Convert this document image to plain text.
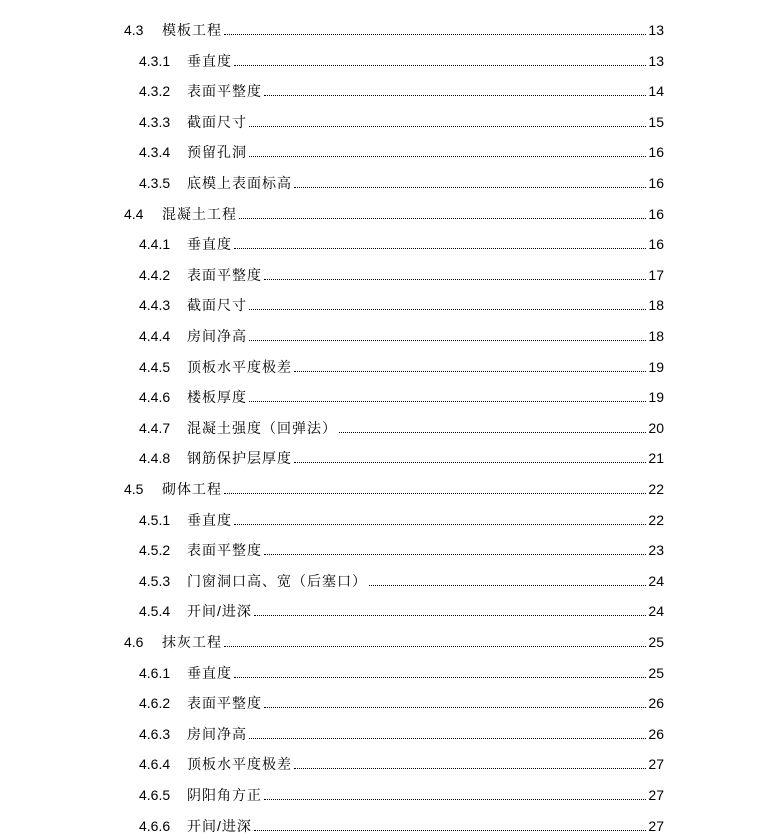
4.3	模板工程	13
4.3.1	垂直度	13
4.3.2	表面平整度	14
4.3.3	截面尺寸	15
4.3.4	预留孔洞	16
4.3.5	底模上表面标高	16
4.4	混凝土工程	16
4.4.1	垂直度	16
4.4.2	表面平整度	17
4.4.3	截面尺寸	18
4.4.4	房间净高	18
4.4.5	顶板水平度极差	19
4.4.6	楼板厚度	19
4.4.7	混凝土强度（回弹法）	20
4.4.8	钢筋保护层厚度	21
4.5	砌体工程	22
4.5.1	垂直度	22
4.5.2	表面平整度	23
4.5.3	门窗洞口高、宽（后塞口）	24
4.5.4	开间/进深	24
4.6	抹灰工程	25
4.6.1	垂直度	25
4.6.2	表面平整度	26
4.6.3	房间净高	26
4.6.4	顶板水平度极差	27
4.6.5	阴阳角方正	27
4.6.6	开间/进深	27
